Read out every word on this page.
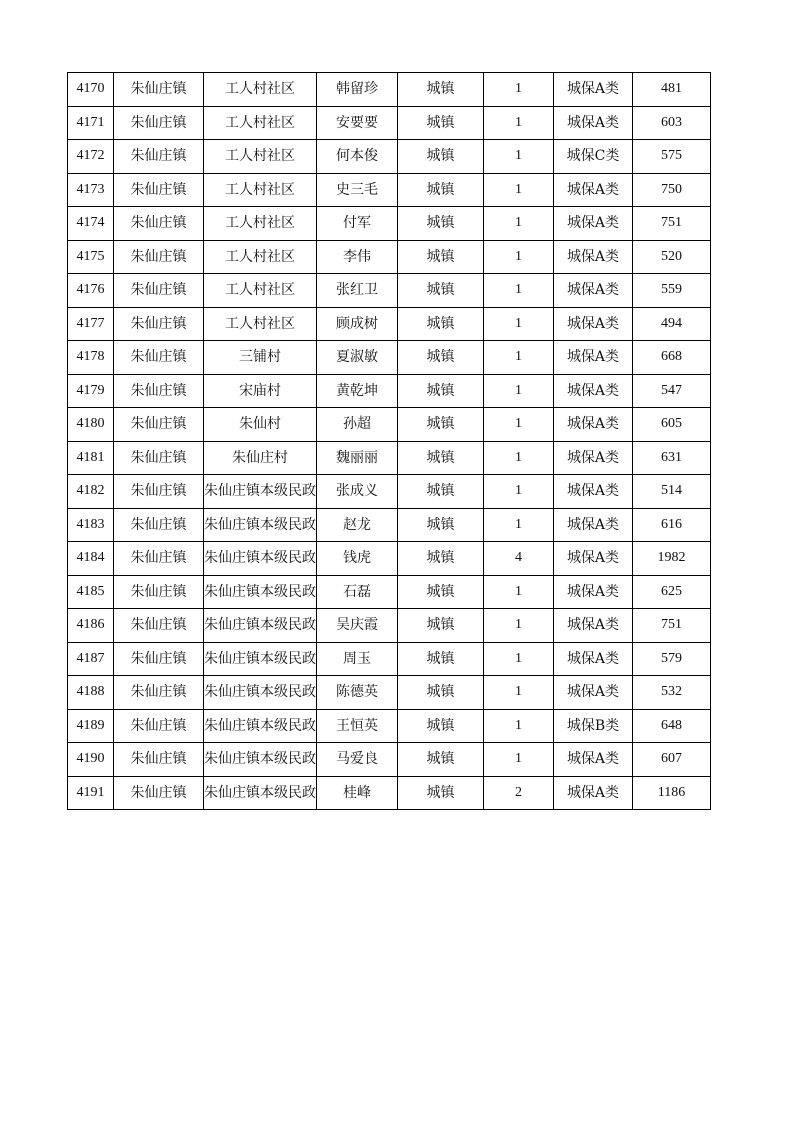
4170	朱仙庄镇	工人村社区	韩留珍	城镇	1	城保A类	481
4171	朱仙庄镇	工人村社区	安要要	城镇	1	城保A类	603
4172	朱仙庄镇	工人村社区	何本俊	城镇	1	城保C类	575
4173	朱仙庄镇	工人村社区	史三毛	城镇	1	城保A类	750
4174	朱仙庄镇	工人村社区	付军	城镇	1	城保A类	751
4175	朱仙庄镇	工人村社区	李伟	城镇	1	城保A类	520
4176	朱仙庄镇	工人村社区	张红卫	城镇	1	城保A类	559
4177	朱仙庄镇	工人村社区	顾成树	城镇	1	城保A类	494
4178	朱仙庄镇	三铺村	夏淑敏	城镇	1	城保A类	668
4179	朱仙庄镇	宋庙村	黄乾坤	城镇	1	城保A类	547
4180	朱仙庄镇	朱仙村	孙超	城镇	1	城保A类	605
4181	朱仙庄镇	朱仙庄村	魏丽丽	城镇	1	城保A类	631
4182	朱仙庄镇	朱仙庄镇本级民政	张成义	城镇	1	城保A类	514
4183	朱仙庄镇	朱仙庄镇本级民政	赵龙	城镇	1	城保A类	616
4184	朱仙庄镇	朱仙庄镇本级民政	钱虎	城镇	4	城保A类	1982
4185	朱仙庄镇	朱仙庄镇本级民政	石磊	城镇	1	城保A类	625
4186	朱仙庄镇	朱仙庄镇本级民政	吴庆霞	城镇	1	城保A类	751
4187	朱仙庄镇	朱仙庄镇本级民政	周玉	城镇	1	城保A类	579
4188	朱仙庄镇	朱仙庄镇本级民政	陈德英	城镇	1	城保A类	532
4189	朱仙庄镇	朱仙庄镇本级民政	王恒英	城镇	1	城保B类	648
4190	朱仙庄镇	朱仙庄镇本级民政	马爱良	城镇	1	城保A类	607
4191	朱仙庄镇	朱仙庄镇本级民政	桂峰	城镇	2	城保A类	1186
